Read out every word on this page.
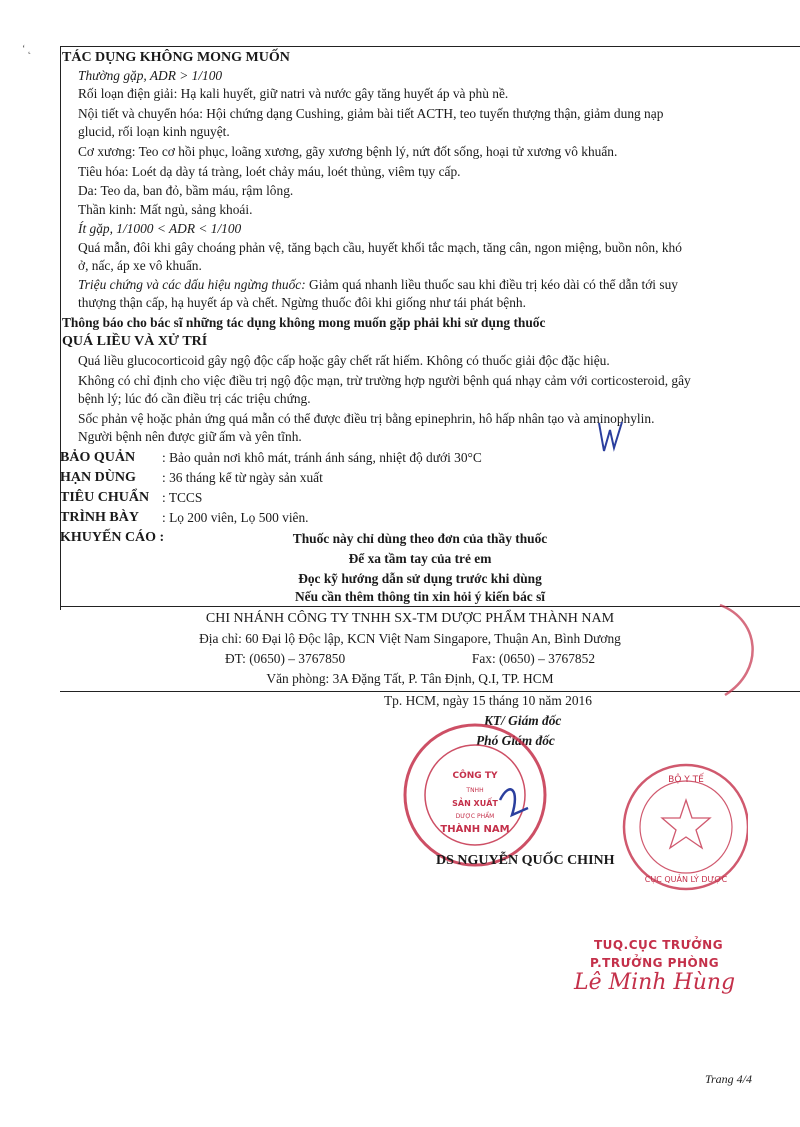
‘ ˛
TÁC DỤNG KHÔNG MONG MUỐN
Thường gặp, ADR > 1/100
Rối loạn điện giải: Hạ kali huyết, giữ natri và nước gây tăng huyết áp và phù nề.
Nội tiết và chuyển hóa: Hội chứng dạng Cushing, giảm bài tiết ACTH, teo tuyến thượng thận, giảm dung nạp
glucid, rối loạn kinh nguyệt.
Cơ xương: Teo cơ hồi phục, loãng xương, gãy xương bệnh lý, nứt đốt sống, hoại tử xương vô khuẩn.
Tiêu hóa: Loét dạ dày tá tràng, loét chảy máu, loét thủng, viêm tụy cấp.
Da: Teo da, ban đỏ, bầm máu, rậm lông.
Thần kinh: Mất ngủ, sảng khoái.
Ít gặp, 1/1000 < ADR < 1/100
Quá mẫn, đôi khi gây choáng phản vệ, tăng bạch cầu, huyết khối tắc mạch, tăng cân, ngon miệng, buồn nôn, khó
ở, nấc, áp xe vô khuẩn.
Triệu chứng và các dấu hiệu ngừng thuốc: Giảm quá nhanh liều thuốc sau khi điều trị kéo dài có thể dẫn tới suy
thượng thận cấp, hạ huyết áp và chết. Ngừng thuốc đôi khi giống như tái phát bệnh.
Thông báo cho bác sĩ những tác dụng không mong muốn gặp phải khi sử dụng thuốc
QUÁ LIỀU VÀ XỬ TRÍ
Quá liều glucocorticoid gây ngộ độc cấp hoặc gây chết rất hiếm. Không có thuốc giải độc đặc hiệu.
Không có chỉ định cho việc điều trị ngộ độc mạn, trừ trường hợp người bệnh quá nhạy cảm với corticosteroid, gây
bệnh lý; lúc đó cần điều trị các triệu chứng.
Sốc phản vệ hoặc phản ứng quá mẫn có thể được điều trị bằng epinephrin, hô hấp nhân tạo và aminophylin.
Người bệnh nên được giữ ấm và yên tĩnh.
BẢO QUẢN : Bảo quản nơi khô mát, tránh ánh sáng, nhiệt độ dưới 30°C
HẠN DÙNG : 36 tháng kể từ ngày sản xuất
TIÊU CHUẨN : TCCS
TRÌNH BÀY : Lọ 200 viên, Lọ 500 viên.
KHUYẾN CÁO :	Thuốc này chỉ dùng theo đơn của thầy thuốc
Để xa tầm tay của trẻ em
Đọc kỹ hướng dẫn sử dụng trước khi dùng
Nếu cần thêm thông tin xin hỏi ý kiến bác sĩ
CHI NHÁNH CÔNG TY TNHH SX-TM DƯỢC PHẨM THÀNH NAM
Địa chỉ: 60 Đại lộ Độc lập, KCN Việt Nam Singapore, Thuận An, Bình Dương
ĐT: (0650) – 3767850	Fax: (0650) – 3767852
Văn phòng: 3A Đặng Tất, P. Tân Định, Q.I, TP. HCM
Tp. HCM, ngày 15 tháng 10 năm 2016
KT/ Giám đốc
Phó Giám đốc
CÔNG TY
TNHH
SẢN XUẤT
DƯỢC PHẨM
THÀNH NAM
BỘ Y TẾ
CỤC QUẢN LÝ DƯỢC
DS NGUYỄN QUỐC CHINH
TUQ.CỤC TRƯỞNG
P.TRƯỞNG PHÒNG
Lê Minh Hùng
Trang 4/4
